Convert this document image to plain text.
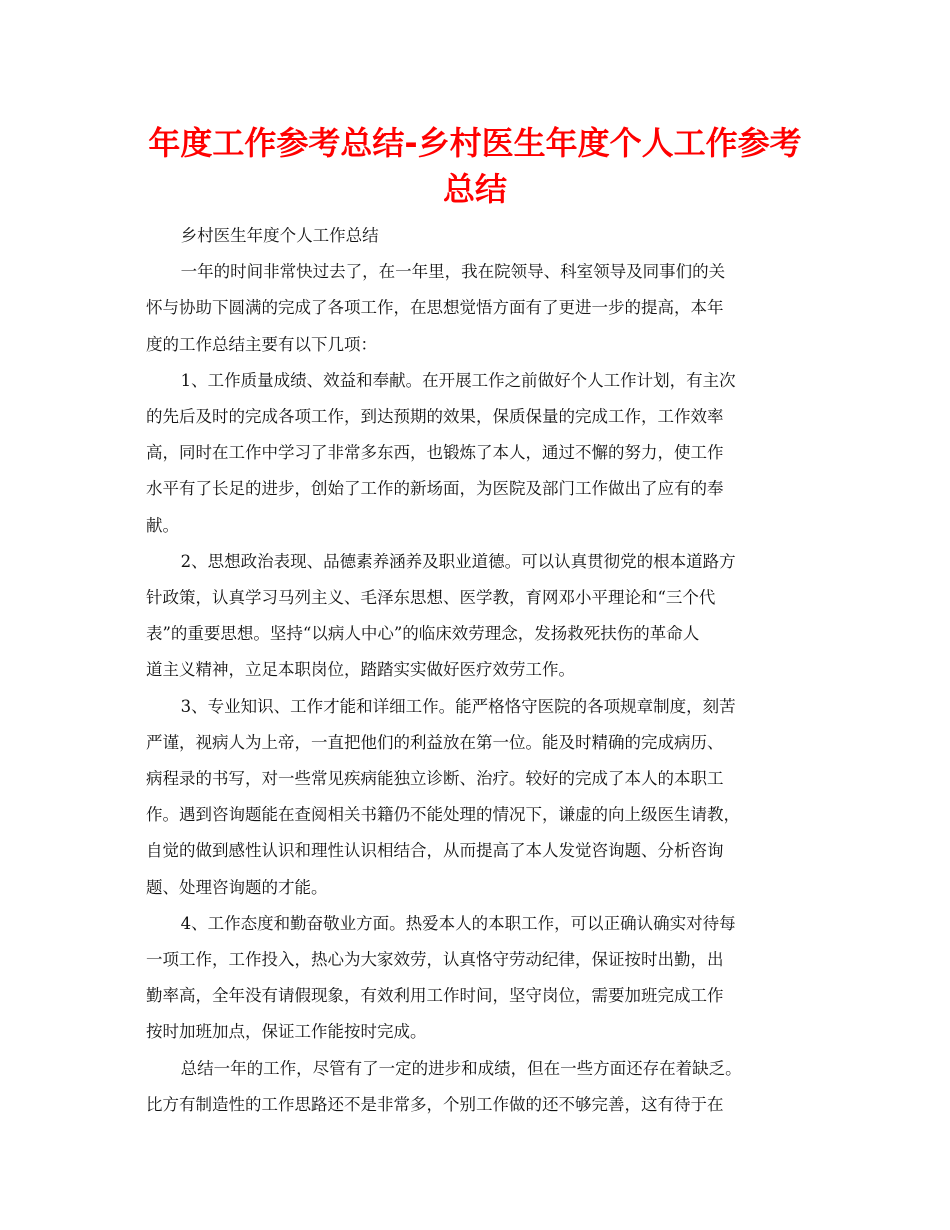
年度工作参考总结-乡村医生年度个人工作参考
总结

乡村医生年度个人工作总结

一年的时间非常快过去了，在一年里，我在院领导、科室领导及同事们的关
怀与协助下圆满的完成了各项工作，在思想觉悟方面有了更进一步的提高，本年
度的工作总结主要有以下几项：

1、工作质量成绩、效益和奉献。在开展工作之前做好个人工作计划，有主次
的先后及时的完成各项工作，到达预期的效果，保质保量的完成工作，工作效率
高，同时在工作中学习了非常多东西，也锻炼了本人，通过不懈的努力，使工作
水平有了长足的进步，创始了工作的新场面，为医院及部门工作做出了应有的奉
献。

2、思想政治表现、品德素养涵养及职业道德。可以认真贯彻党的根本道路方
针政策，认真学习马列主义、毛泽东思想、医学教，育网邓小平理论和“三个代
表”的重要思想。坚持“以病人中心”的临床效劳理念，发扬救死扶伤的革命人
道主义精神，立足本职岗位，踏踏实实做好医疗效劳工作。

3、专业知识、工作才能和详细工作。能严格恪守医院的各项规章制度，刻苦
严谨，视病人为上帝，一直把他们的利益放在第一位。能及时精确的完成病历、
病程录的书写，对一些常见疾病能独立诊断、治疗。较好的完成了本人的本职工
作。遇到咨询题能在查阅相关书籍仍不能处理的情况下，谦虚的向上级医生请教，
自觉的做到感性认识和理性认识相结合，从而提高了本人发觉咨询题、分析咨询
题、处理咨询题的才能。

4、工作态度和勤奋敬业方面。热爱本人的本职工作，可以正确认确实对待每
一项工作，工作投入，热心为大家效劳，认真恪守劳动纪律，保证按时出勤，出
勤率高，全年没有请假现象，有效利用工作时间，坚守岗位，需要加班完成工作
按时加班加点，保证工作能按时完成。

总结一年的工作，尽管有了一定的进步和成绩，但在一些方面还存在着缺乏。
比方有制造性的工作思路还不是非常多，个别工作做的还不够完善，这有待于在
